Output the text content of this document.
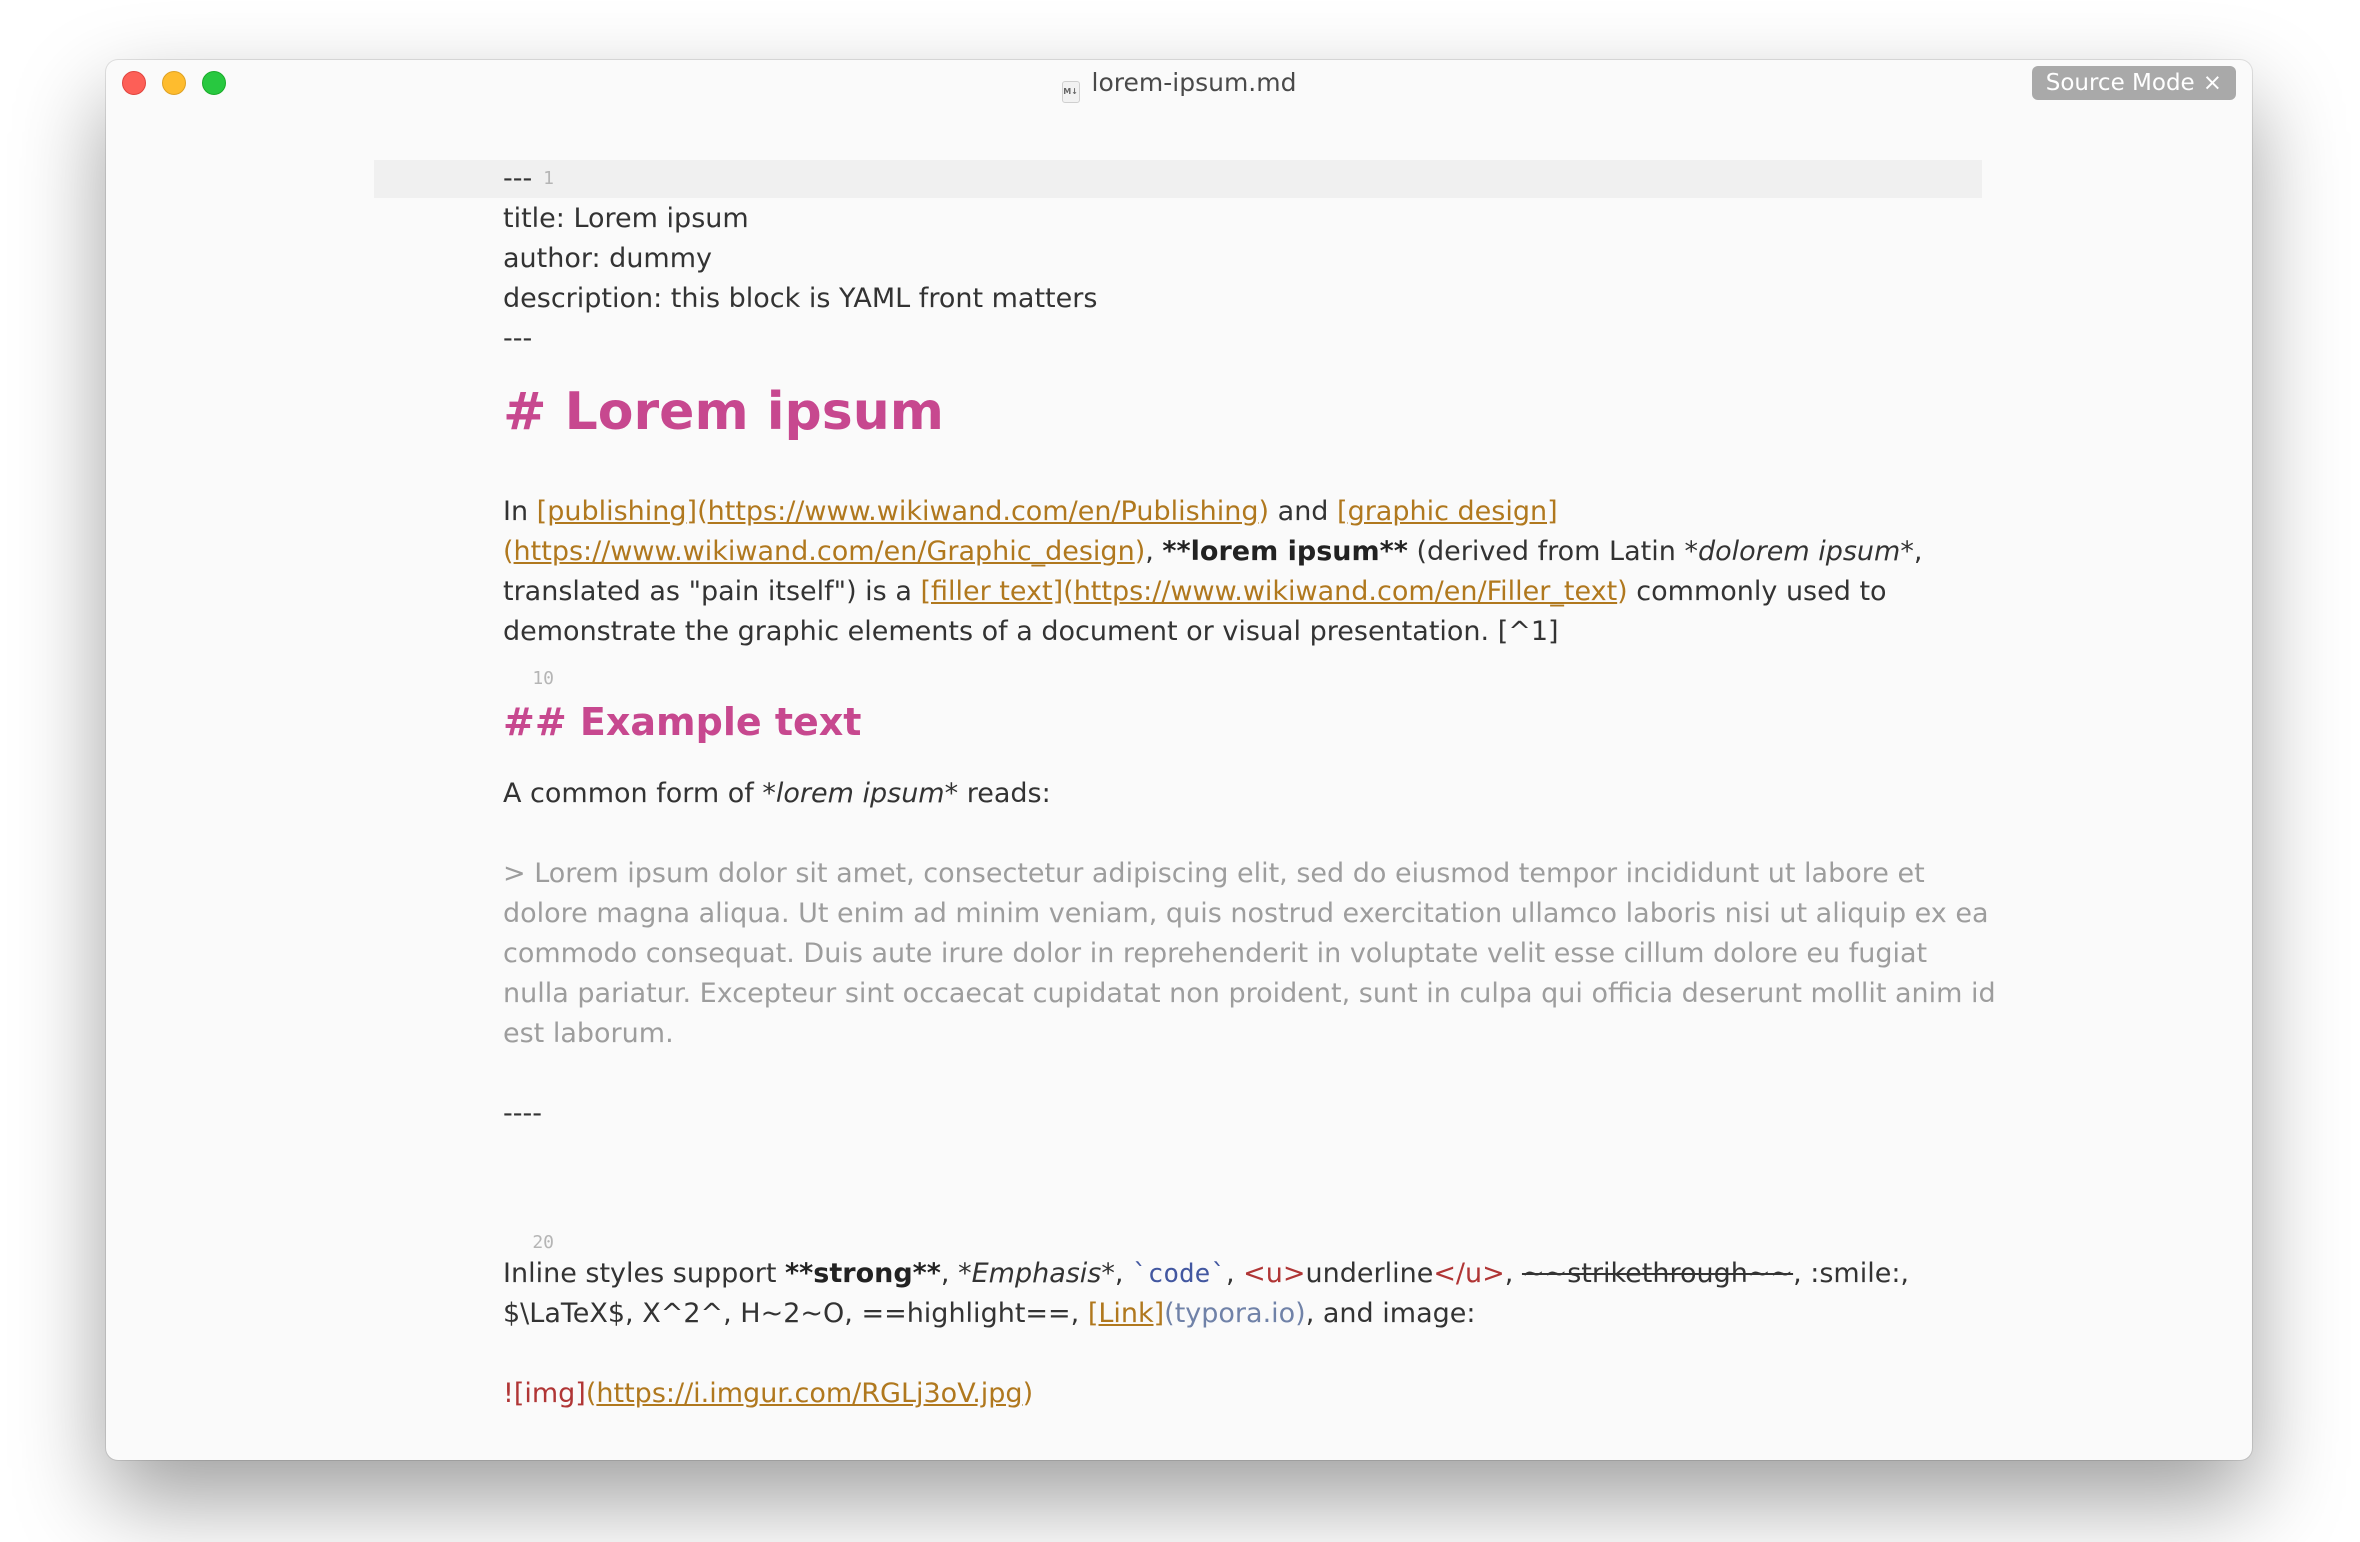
M↓ lorem-ipsum.md	Source Mode ×
1
10
20
---
title: Lorem ipsum
author: dummy
description: this block is YAML front matters
---
# Lorem ipsum
In [publishing](https://www.wikiwand.com/en/Publishing) and [graphic design]
(https://www.wikiwand.com/en/Graphic_design), **lorem ipsum** (derived from Latin *dolorem ipsum*,
translated as "pain itself") is a [filler text](https://www.wikiwand.com/en/Filler_text) commonly used to
demonstrate the graphic elements of a document or visual presentation. [^1]
## Example text
A common form of *lorem ipsum* reads:
> Lorem ipsum dolor sit amet, consectetur adipiscing elit, sed do eiusmod tempor incididunt ut labore et
dolore magna aliqua. Ut enim ad minim veniam, quis nostrud exercitation ullamco laboris nisi ut aliquip ex ea
commodo consequat. Duis aute irure dolor in reprehenderit in voluptate velit esse cillum dolore eu fugiat
nulla pariatur. Excepteur sint occaecat cupidatat non proident, sunt in culpa qui officia deserunt mollit anim id
est laborum.
----
Inline styles support **strong**, *Emphasis*, `code`, <u>underline</u>, ~~strikethrough~~, :smile:,
$\LaTeX$, X^2^, H~2~O, ==highlight==, [Link](typora.io), and image:
![img](https://i.imgur.com/RGLj3oV.jpg)
